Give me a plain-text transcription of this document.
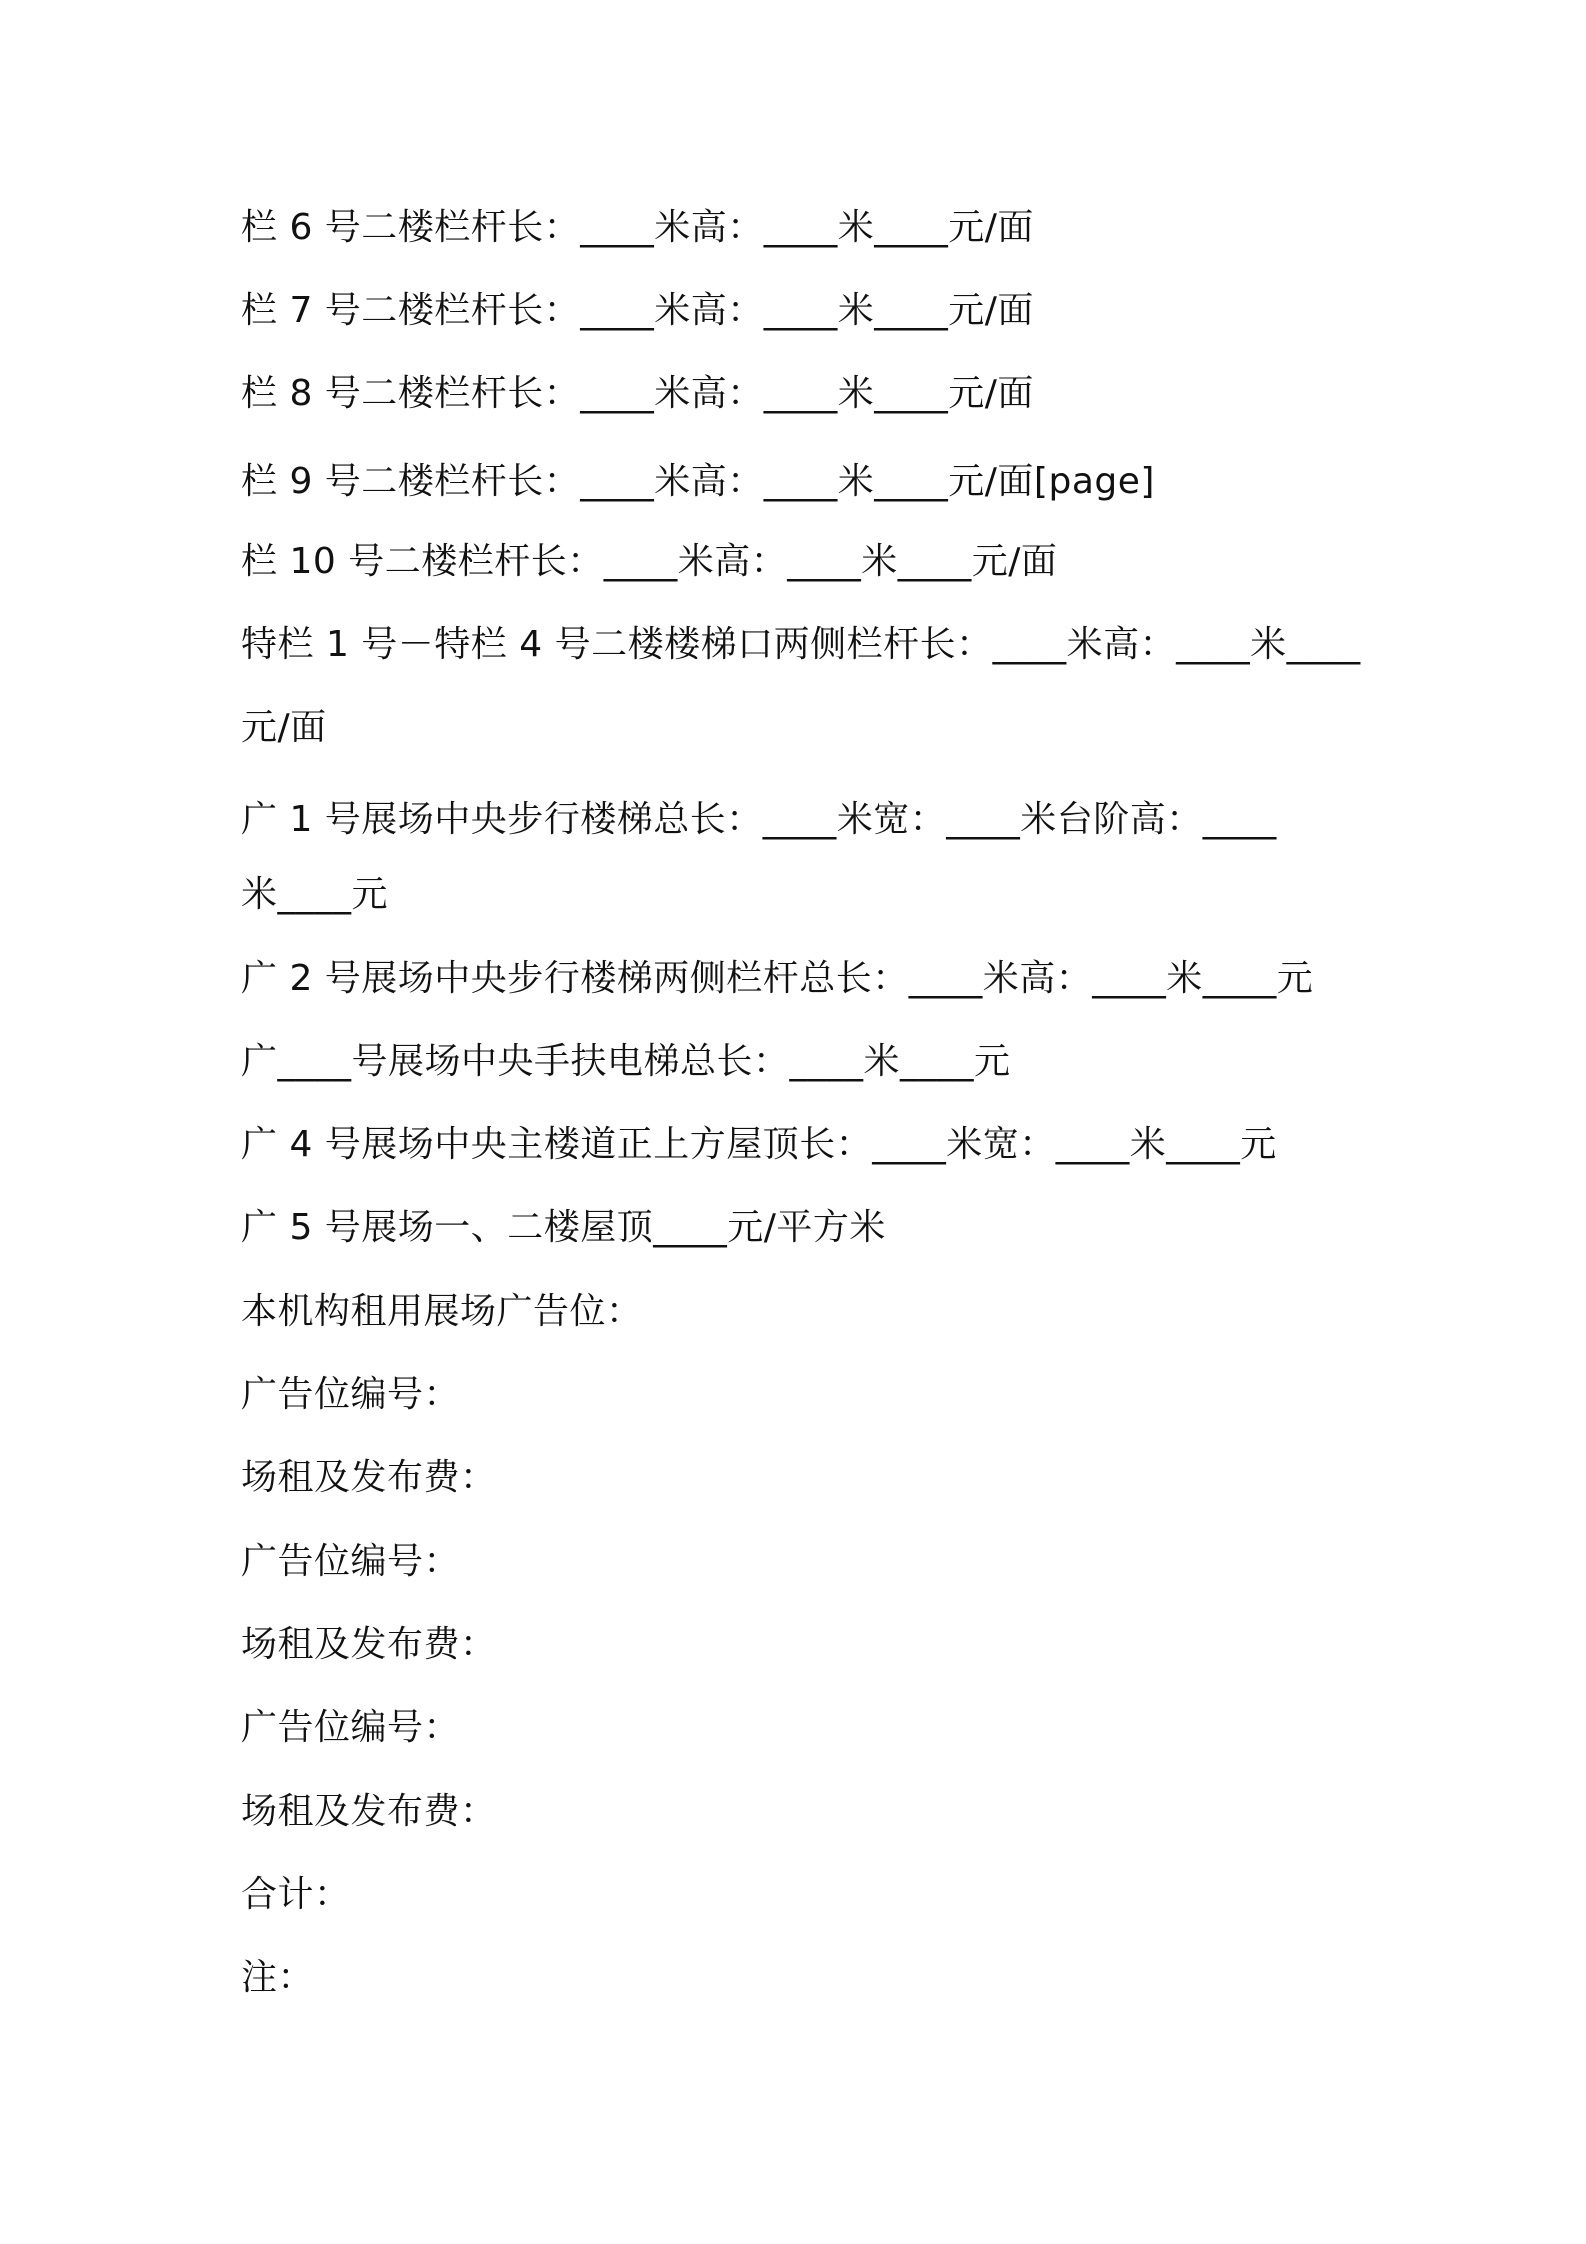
栏 6 号二楼栏杆长：____米高：____米____元/面
栏 7 号二楼栏杆长：____米高：____米____元/面
栏 8 号二楼栏杆长：____米高：____米____元/面
栏 9 号二楼栏杆长：____米高：____米____元/面[page]
栏 10 号二楼栏杆长：____米高：____米____元/面
特栏 1 号－特栏 4 号二楼楼梯口两侧栏杆长：____米高：____米____
元/面
广 1 号展场中央步行楼梯总长：____米宽：____米台阶高：____
米____元
广 2 号展场中央步行楼梯两侧栏杆总长：____米高：____米____元
广____号展场中央手扶电梯总长：____米____元
广 4 号展场中央主楼道正上方屋顶长：____米宽：____米____元
广 5 号展场一、二楼屋顶____元/平方米
本机构租用展场广告位：
广告位编号：
场租及发布费：
广告位编号：
场租及发布费：
广告位编号：
场租及发布费：
合计：
注：
